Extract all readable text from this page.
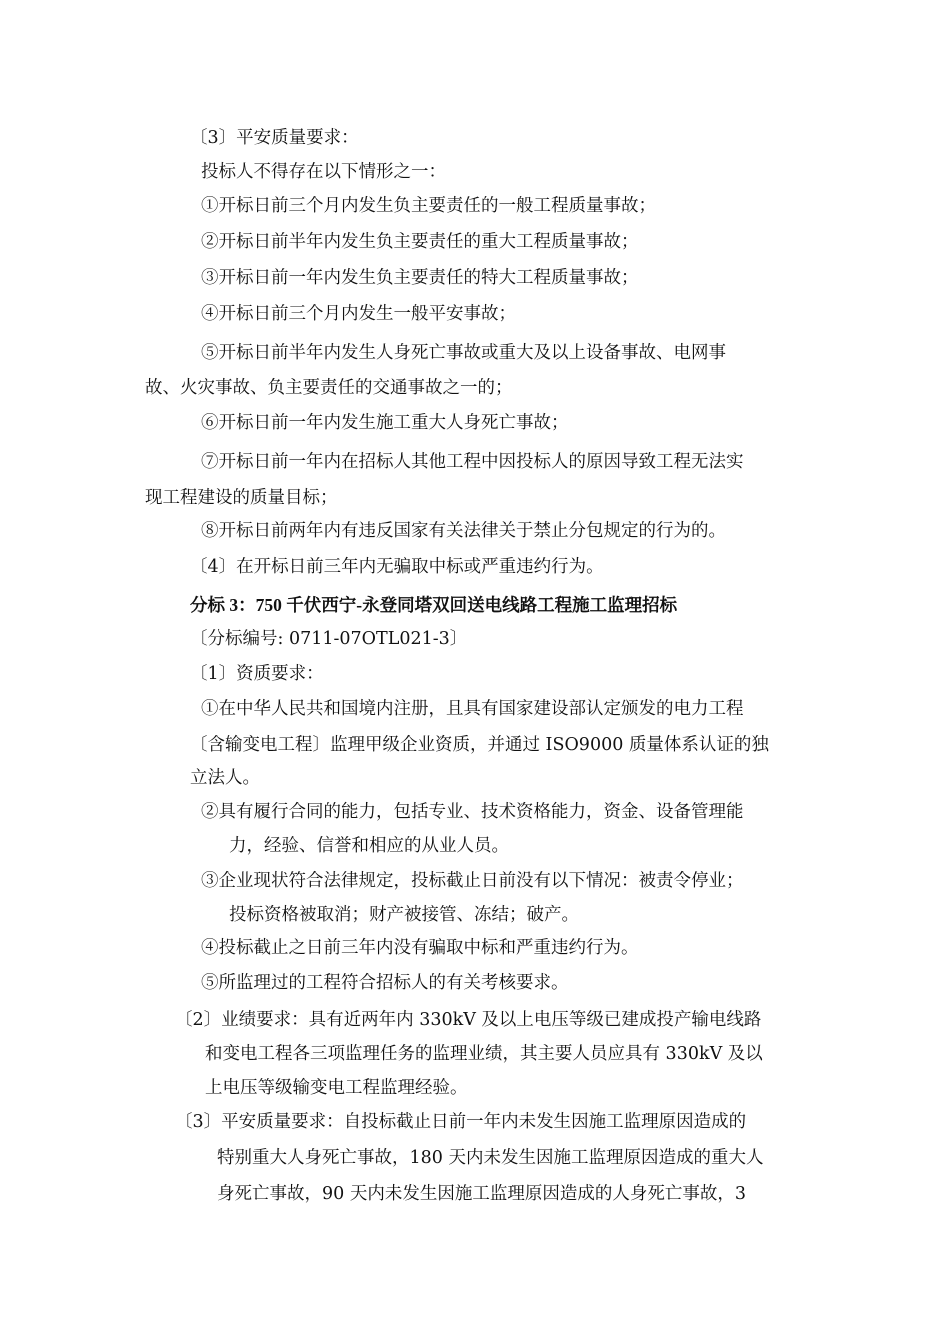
〔3〕平安质量要求：
投标人不得存在以下情形之一：
①开标日前三个月内发生负主要责任的一般工程质量事故；
②开标日前半年内发生负主要责任的重大工程质量事故；
③开标日前一年内发生负主要责任的特大工程质量事故；
④开标日前三个月内发生一般平安事故；
⑤开标日前半年内发生人身死亡事故或重大及以上设备事故、电网事
故、火灾事故、负主要责任的交通事故之一的；
⑥开标日前一年内发生施工重大人身死亡事故；
⑦开标日前一年内在招标人其他工程中因投标人的原因导致工程无法实
现工程建设的质量目标；
⑧开标日前两年内有违反国家有关法律关于禁止分包规定的行为的。
〔4〕在开标日前三年内无骗取中标或严重违约行为。
分标 3：750 千伏西宁-永登同塔双回送电线路工程施工监理招标
〔分标编号: 0711-07OTL021-3〕
〔1〕资质要求：
①在中华人民共和国境内注册，且具有国家建设部认定颁发的电力工程
〔含输变电工程〕监理甲级企业资质，并通过 ISO9000 质量体系认证的独
立法人。
②具有履行合同的能力，包括专业、技术资格能力，资金、设备管理能
力，经验、信誉和相应的从业人员。
③企业现状符合法律规定，投标截止日前没有以下情况：被责令停业；
投标资格被取消；财产被接管、冻结；破产。
④投标截止之日前三年内没有骗取中标和严重违约行为。
⑤所监理过的工程符合招标人的有关考核要求。
〔2〕业绩要求：具有近两年内 330kV 及以上电压等级已建成投产输电线路
和变电工程各三项监理任务的监理业绩，其主要人员应具有 330kV 及以
上电压等级输变电工程监理经验。
〔3〕平安质量要求：自投标截止日前一年内未发生因施工监理原因造成的
特别重大人身死亡事故，180 天内未发生因施工监理原因造成的重大人
身死亡事故，90 天内未发生因施工监理原因造成的人身死亡事故，3
